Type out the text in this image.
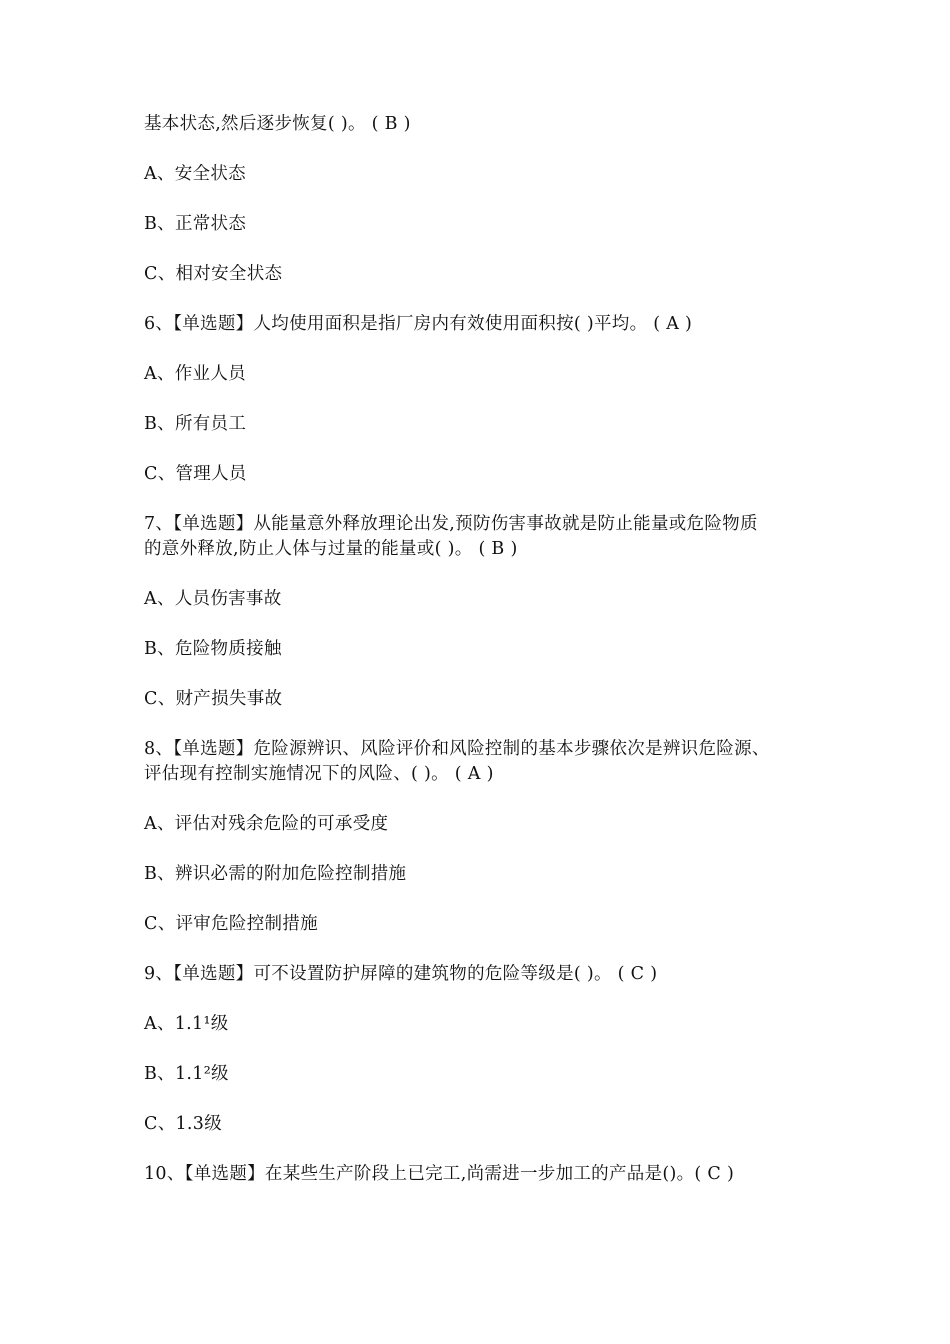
基本状态,然后逐步恢复( )。 ( B )
A、安全状态
B、正常状态
C、相对安全状态
6、【单选题】人均使用面积是指厂房内有效使用面积按( )平均。 ( A )
A、作业人员
B、所有员工
C、管理人员
7、【单选题】从能量意外释放理论出发,预防伤害事故就是防止能量或危险物质
的意外释放,防止人体与过量的能量或( )。 ( B )
A、人员伤害事故
B、危险物质接触
C、财产损失事故
8、【单选题】危险源辨识、风险评价和风险控制的基本步骤依次是辨识危险源、
评估现有控制实施情况下的风险、( )。 ( A )
A、评估对残余危险的可承受度
B、辨识必需的附加危险控制措施
C、评审危险控制措施
9、【单选题】可不设置防护屏障的建筑物的危险等级是( )。 ( C )
A、1.1¹级
B、1.1²级
C、1.3级
10、【单选题】在某些生产阶段上已完工,尚需进一步加工的产品是()。( C )
